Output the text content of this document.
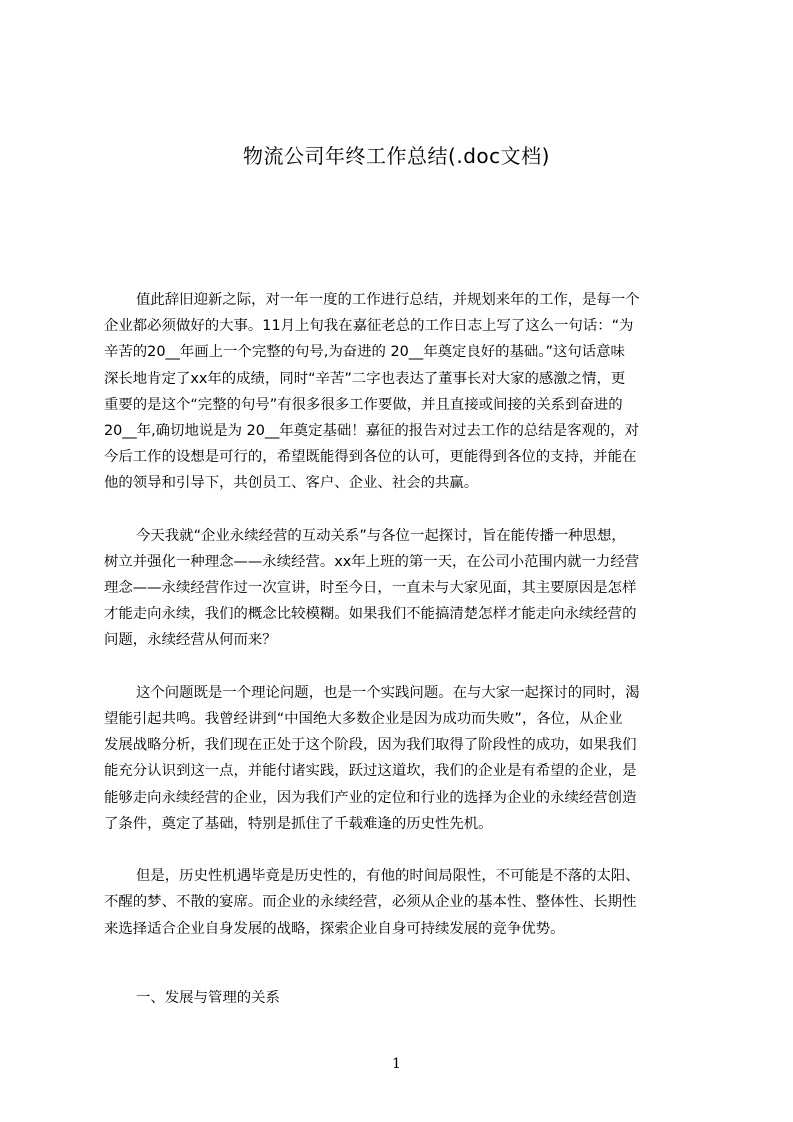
物流公司年终工作总结(.doc文档)
值此辞旧迎新之际，对一年一度的工作进行总结，并规划来年的工作，是每一个
企业都必须做好的大事。11月上旬我在嘉征老总的工作日志上写了这么一句话：“为
辛苦的20__年画上一个完整的句号,为奋进的 20__年奠定良好的基础。”这句话意味
深长地肯定了xx年的成绩，同时“辛苦”二字也表达了董事长对大家的感激之情，更
重要的是这个“完整的句号”有很多很多工作要做，并且直接或间接的关系到奋进的
20__年,确切地说是为 20__年奠定基础！嘉征的报告对过去工作的总结是客观的，对
今后工作的设想是可行的，希望既能得到各位的认可，更能得到各位的支持，并能在
他的领导和引导下，共创员工、客户、企业、社会的共赢。
今天我就“企业永续经营的互动关系”与各位一起探讨，旨在能传播一种思想，
树立并强化一种理念——永续经营。xx年上班的第一天，在公司小范围内就一力经营
理念——永续经营作过一次宣讲，时至今日，一直未与大家见面，其主要原因是怎样
才能走向永续，我们的概念比较模糊。如果我们不能搞清楚怎样才能走向永续经营的
问题，永续经营从何而来？
这个问题既是一个理论问题，也是一个实践问题。在与大家一起探讨的同时，渴
望能引起共鸣。我曾经讲到“中国绝大多数企业是因为成功而失败”，各位，从企业
发展战略分析，我们现在正处于这个阶段，因为我们取得了阶段性的成功，如果我们
能充分认识到这一点，并能付诸实践，跃过这道坎，我们的企业是有希望的企业，是
能够走向永续经营的企业，因为我们产业的定位和行业的选择为企业的永续经营创造
了条件，奠定了基础，特别是抓住了千载难逢的历史性先机。
但是，历史性机遇毕竟是历史性的，有他的时间局限性，不可能是不落的太阳、
不醒的梦、不散的宴席。而企业的永续经营，必须从企业的基本性、整体性、长期性
来选择适合企业自身发展的战略，探索企业自身可持续发展的竞争优势。
一、发展与管理的关系
1
